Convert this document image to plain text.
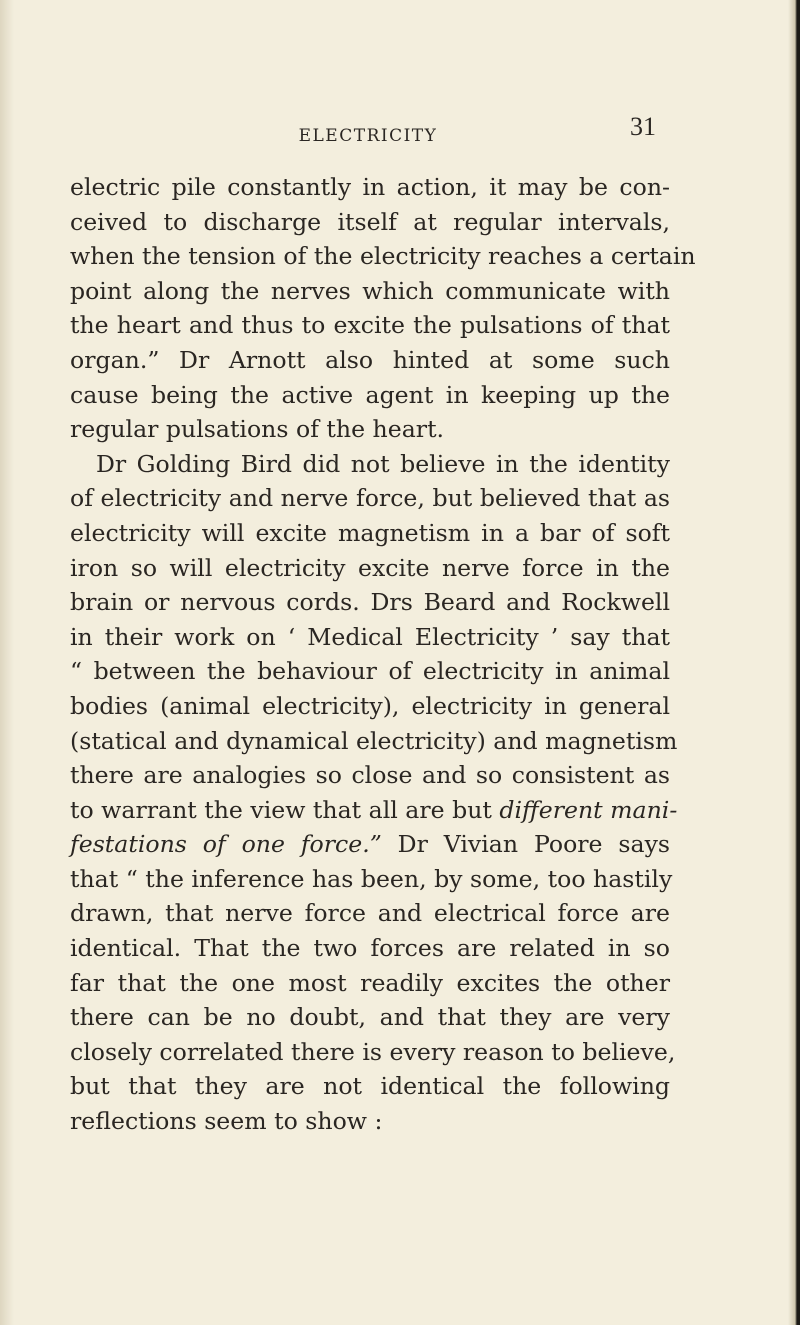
ELECTRICITY	31
electric pile constantly in action, it may be con-
ceived to discharge itself at regular intervals,
when the tension of the electricity reaches a certain
point along the nerves which communicate with
the heart and thus to excite the pulsations of that
organ.” Dr Arnott also hinted at some such
cause being the active agent in keeping up the
regular pulsations of the heart.
Dr Golding Bird did not believe in the identity
of electricity and nerve force, but believed that as
electricity will excite magnetism in a bar of soft
iron so will electricity excite nerve force in the
brain or nervous cords. Drs Beard and Rockwell
in their work on ‘ Medical Electricity ’ say that
“ between the behaviour of electricity in animal
bodies (animal electricity), electricity in general
(statical and dynamical electricity) and magnetism
there are analogies so close and so consistent as
to warrant the view that all are but different mani-
festations of one force.” Dr Vivian Poore says
that “ the inference has been, by some, too hastily
drawn, that nerve force and electrical force are
identical. That the two forces are related in so
far that the one most readily excites the other
there can be no doubt, and that they are very
closely correlated there is every reason to believe,
but that they are not identical the following
reflections seem to show :
